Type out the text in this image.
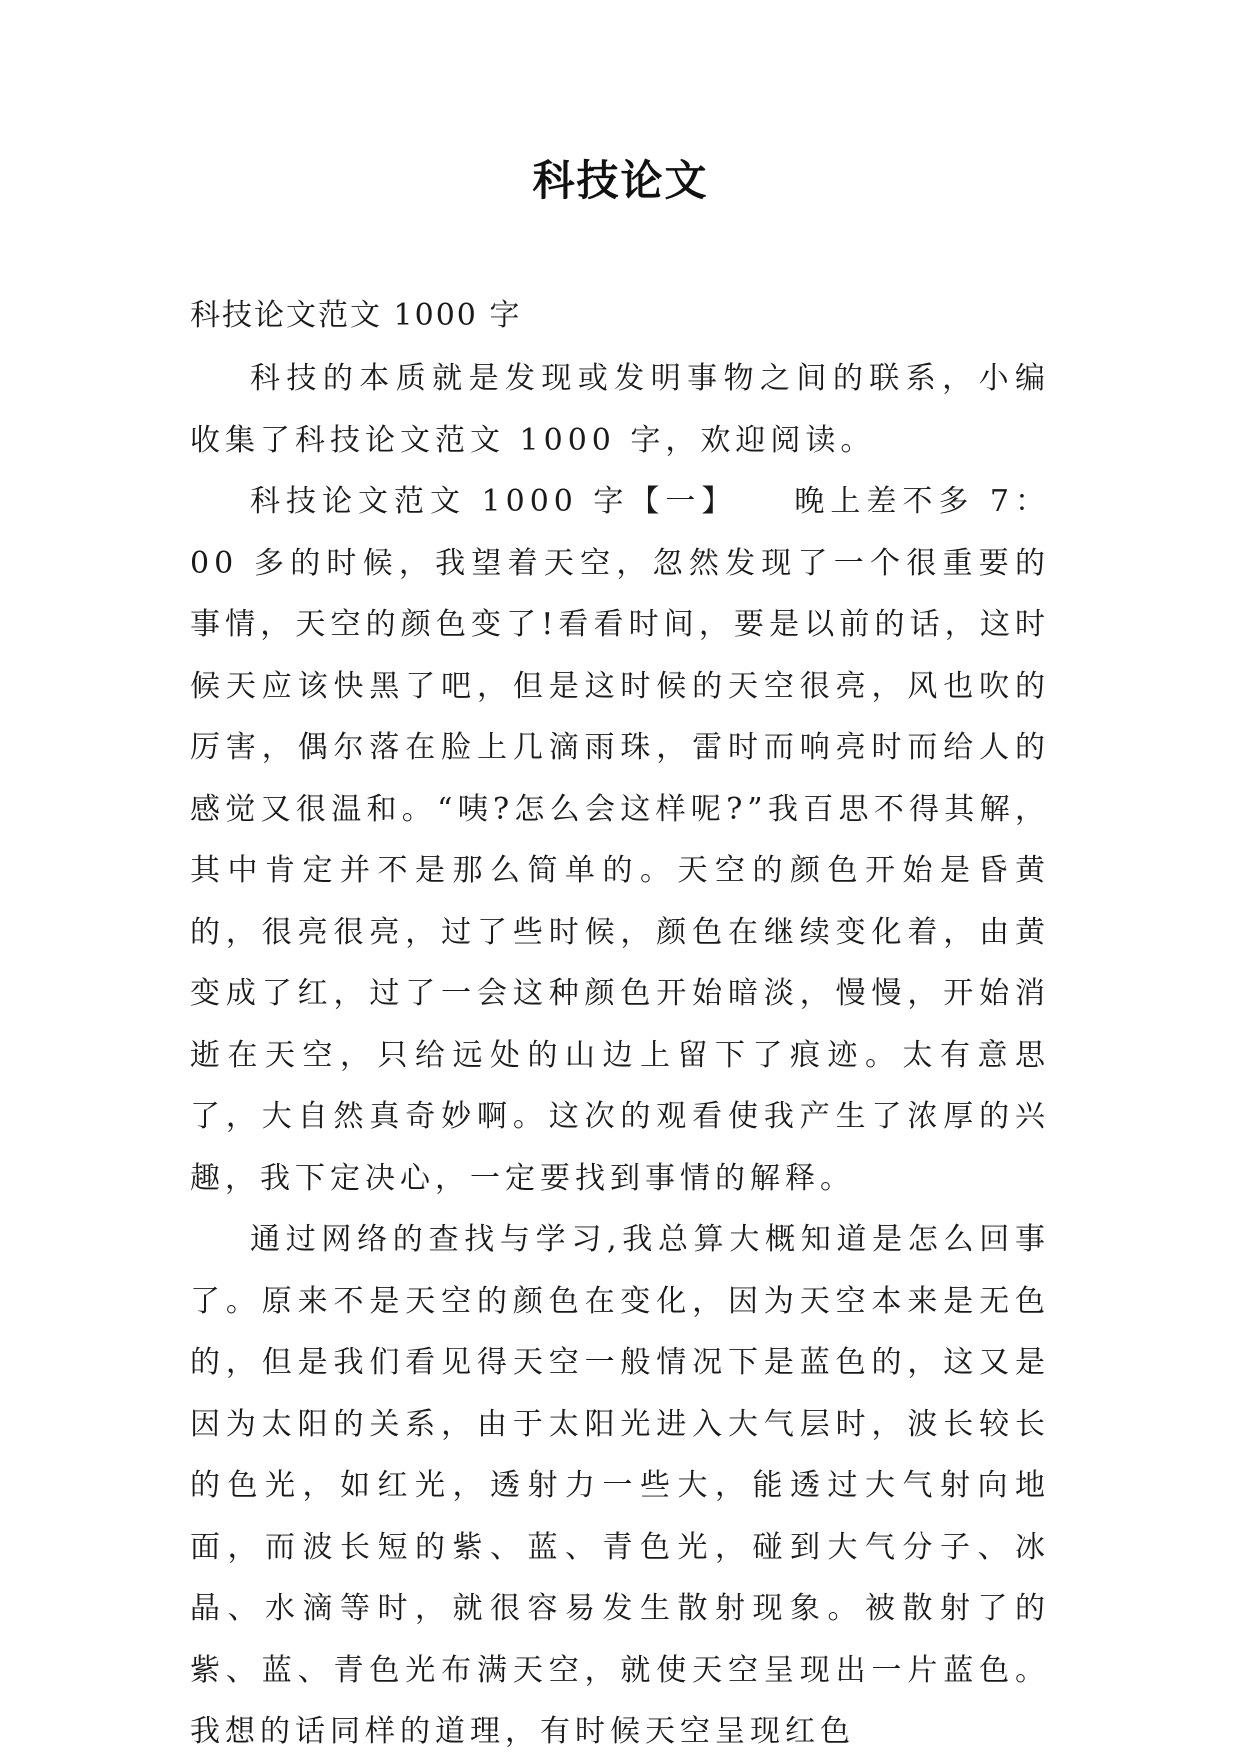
科技论文

科技论文范文 1000 字

科技的本质就是发现或发明事物之间的联系，小编收集了科技论文范文 1000 字，欢迎阅读。

科技论文范文 1000 字【一】　　晚上差不多 7：00 多的时候，我望着天空，忽然发现了一个很重要的事情，天空的颜色变了!看看时间，要是以前的话，这时候天应该快黑了吧，但是这时候的天空很亮，风也吹的厉害，偶尔落在脸上几滴雨珠，雷时而响亮时而给人的感觉又很温和。“咦?怎么会这样呢?”我百思不得其解，其中肯定并不是那么简单的。天空的颜色开始是昏黄的，很亮很亮，过了些时候，颜色在继续变化着，由黄变成了红，过了一会这种颜色开始暗淡，慢慢，开始消逝在天空，只给远处的山边上留下了痕迹。太有意思了，大自然真奇妙啊。这次的观看使我产生了浓厚的兴趣，我下定决心，一定要找到事情的解释。

通过网络的查找与学习,我总算大概知道是怎么回事了。原来不是天空的颜色在变化，因为天空本来是无色的，但是我们看见得天空一般情况下是蓝色的，这又是因为太阳的关系，由于太阳光进入大气层时，波长较长的色光，如红光，透射力一些大，能透过大气射向地面，而波长短的紫、蓝、青色光，碰到大气分子、冰晶、水滴等时，就很容易发生散射现象。被散射了的紫、蓝、青色光布满天空，就使天空呈现出一片蓝色。我想的话同样的道理，有时候天空呈现红色
